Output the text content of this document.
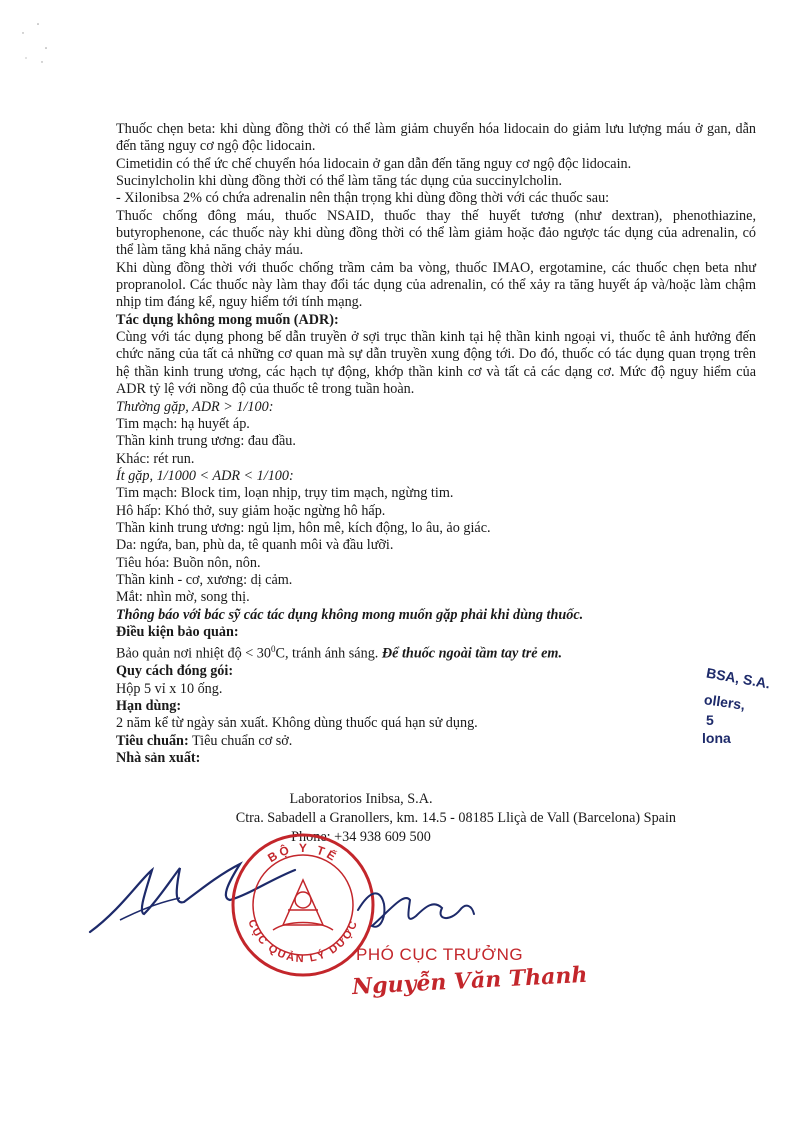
Thuốc chẹn beta: khi dùng đồng thời có thể làm giảm chuyển hóa lidocain do giảm lưu lượng máu ở gan, dẫn đến tăng nguy cơ ngộ độc lidocain.

Cimetidin có thể ức chế chuyển hóa lidocain ở gan dẫn đến tăng nguy cơ ngộ độc lidocain.

Sucinylcholin khi dùng đồng thời có thể làm tăng tác dụng của succinylcholin.

- Xilonibsa 2% có chứa adrenalin nên thận trọng khi dùng đồng thời với các thuốc sau:

Thuốc chống đông máu, thuốc NSAID, thuốc thay thế huyết tương (như dextran), phenothiazine, butyrophenone, các thuốc này khi dùng đồng thời có thể làm giảm hoặc đảo ngược tác dụng của adrenalin, có thể làm tăng khả năng chảy máu.

Khi dùng đồng thời với thuốc chống trầm cảm ba vòng, thuốc IMAO, ergotamine, các thuốc chẹn beta như propranolol. Các thuốc này làm thay đổi tác dụng của adrenalin, có thể xảy ra tăng huyết áp và/hoặc làm chậm nhịp tim đáng kể, nguy hiểm tới tính mạng.

Tác dụng không mong muốn (ADR):

Cùng với tác dụng phong bế dẫn truyền ở sợi trục thần kinh tại hệ thần kinh ngoại vi, thuốc tê ảnh hưởng đến chức năng của tất cả những cơ quan mà sự dẫn truyền xung động tới. Do đó, thuốc có tác dụng quan trọng trên hệ thần kinh trung ương, các hạch tự động, khớp thần kinh cơ và tất cả các dạng cơ. Mức độ nguy hiểm của ADR tỷ lệ với nồng độ của thuốc tê trong tuần hoàn.

Thường gặp, ADR > 1/100:

Tim mạch: hạ huyết áp.

Thần kinh trung ương: đau đầu.

Khác: rét run.

Ít gặp, 1/1000 < ADR < 1/100:

Tim mạch: Block tim, loạn nhịp, trụy tim mạch, ngừng tim.

Hô hấp: Khó thở, suy giảm hoặc ngừng hô hấp.

Thần kinh trung ương: ngủ lịm, hôn mê, kích động, lo âu, ảo giác.

Da: ngứa, ban, phù da, tê quanh môi và đầu lưỡi.

Tiêu hóa: Buồn nôn, nôn.

Thần kinh - cơ, xương: dị cảm.

Mắt: nhìn mờ, song thị.

Thông báo với bác sỹ các tác dụng không mong muốn gặp phải khi dùng thuốc.

Điều kiện bảo quản:

Bảo quản nơi nhiệt độ < $30^0C$, tránh ánh sáng. Để thuốc ngoài tầm tay trẻ em.

Quy cách đóng gói:

Hộp 5 vỉ x 10 ống.

Hạn dùng:

2 năm kể từ ngày sản xuất. Không dùng thuốc quá hạn sử dụng.

Tiêu chuẩn: Tiêu chuẩn cơ sở.

Nhà sản xuất:

Laboratorios Inibsa, S.A.

Ctra. Sabadell a Granollers, km. 14.5 - 08185 Lliçà de Vall (Barcelona) Spain

Phone: +34 938 609 500

BSA, S.A.
ollers,
5
lona
BỘ Y TẾ
CỤC QUẢN LÝ DƯỢC
PHÓ CỤC TRƯỞNG
Nguyễn Văn Thanh
